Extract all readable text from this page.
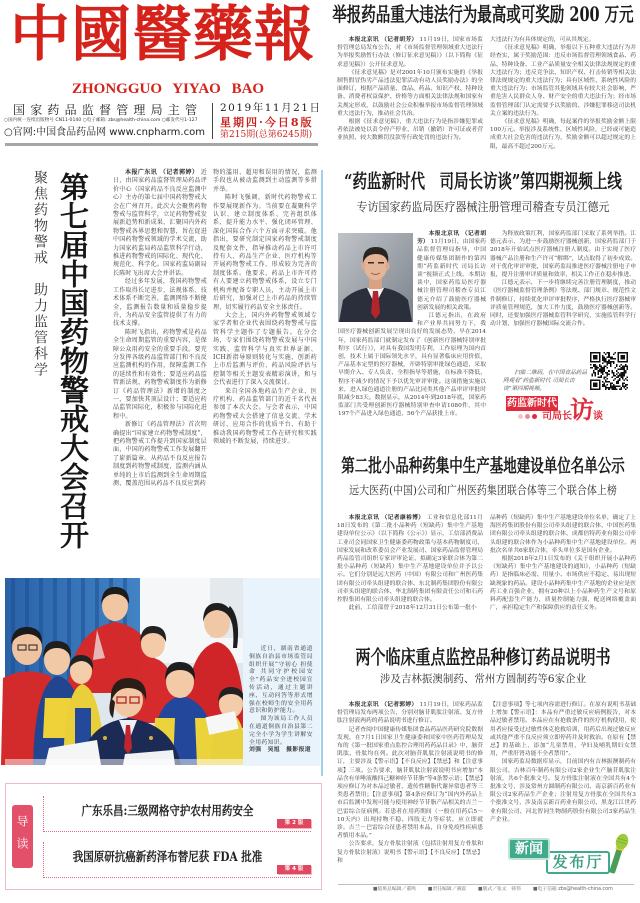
中國醫藥報
ZHONGGUO YIYAO BAO
国家药品监督管理局主管
○国内统一连续出版物号 CN11-0140 ○电子邮箱: zbs@health-china.com ○邮发代号1-127
○官网:中国食品药品网 www.cnpharm.com
2019年11月21日
星期四·今日8版
第215期(总第6245期)
举报药品重大违法行为最高或可奖励 200 万元

本报北京讯 （记者胡芳） 11月19日，国家市场监督管理总局发布公告，对《市场监督管理领域重大违法行为举报奖励暂行办法（修订征求意见稿）》（以下简称《征求意见稿》）公开征求意见。

《征求意见稿》是对2001年10月颁布实施的《举报制售假冒伪劣产品违法犯罪活动有功人员奖励办法》的全面修订，根据产品质量、食品、药品、知识产权、特种设备、消费者权益保护、价格等方面相关法律法规和国家有关规定形成，以鼓励社会公众积极举报市场监督管理领域重大违法行为，推动社会共治。

根据《征求意见稿》，重大违法行为是指涉嫌犯罪或者依法被处以责令停产停业、吊销（撤销）许可证或者营业执照、较大数额罚没款等行政处罚的违法行为。

大违法行为有具体规定的，可从其规定。

《征求意见稿》明确，举报以下五种重大违法行为并经查实，属于奖励范围：违反市场监督管理领域食品、药品、特种设备、工业产品质量安全相关法律法规规定的重大违法行为；违反竞争法、知识产权、打击传销等相关法律法规规定的重大违法行为；具有区域性、系统性风险的重大违法行为；市场监管其他领域具有较大社会影响，严重危害人民群众人身、财产安全的重大违法行为；经市场监督管理部门认定需要予以奖励的、涉嫌犯罪移送司法机关立案的违法行为。

《征求意见稿》明确，每起案件的举报奖励金额上限100万元。举报涉及系统性、区域性风险，已经或可能造成重大社会危害的违法行为，奖励金额可以超过规定的上限，最高不超过200万元。

聚焦药物警戒　助力监管科学 第七届中国药物警戒大会召开	本报广东讯 （记者郭婷） 近日，由国家药品监督管理局药品评价中心（国家药品不良反应监测中心）主办的第七届中国药物警戒大会在广州召开。此次大会聚焦药物警戒与监管科学，立足药物警戒发展新趋势和新成果，汇聚国内外药物警戒各界思想和智慧，旨在促进中国药物警戒领域的学术交流，助力国家药监局药品监管科学行动，推进药物警戒的国际化、现代化、规范化、科学化。国家药监局副局长陈时飞出席大会并讲话。

经过多年发展，我国药物警戒工作取得长足进步，法规体系、技术体系不断完善，监测网络不断健全，监测报告数量和质量稳步提升，为药品安全监管提供了有力的技术支撑。

陈时飞指出，药物警戒是药品全生命周期监管的重要内容，是保障公众用药安全的重要手段。要充分发挥各级药品监管部门和不良反应监测机构的作用，保障监测工作的延续性和有效性；要适应药品监管新法规，药物警戒制度作为新修订《药品管理法》新增的制度之一，要加快其顶层设计；要适应药品监管国际化，积极参与国际化进程中。

新修订《药品管理法》首次明确提出“国家建立药物警戒制度”，把药物警戒工作提升到国家制度层面，中国的药物警戒工作发展翻开了崭新篇章。从药品不良反应报告制度到药物警戒制度，监测内涵从单纯的上市后监测到全生命周期监测，覆盖范围从药品不良反应到药

物的滥用、超用和误用的情况，监测手段也从被动监测到主动监测等多措并举。

陈时飞强调，新时代药物警戒工作要展现新作为。当前要在凝聚科学认识、建立制度体系、完善组织体系、提升能力水平、强化闭环管理、深化国际合作六个方面寻求突破。他指出，要研究制定国家药物警戒制度及配套文件，指导推动药品上市许可持有人、药品生产企业、医疗机构等开展药物警戒工作，形成较为完善的制度体系。他要求，药品上市许可持有人要建立药物警戒体系，设立专门机构并配备专职人员，主动开展上市后研究，加强对已上市药品的持续管理，切实履行药品安全主体责任。

大会上，国内外药物警戒领域专家学者和企业代表围绕药物警戒与监管科学主题作了专题报告。在分会场，专家们围绕药物警戒发展与中国实践、监管科学与真实世界证据、ICH新指导原则转化与实施、创新药上市后监测与评价、药品风险评估与控制等相关主题发表精彩演讲，和与会代表进行了深入交流探讨。

来自全国各地药品生产企业、医疗机构、药品监管部门的近千名代表参加了本次大会。与会者表示，中国药物警戒大会搭建了信息交流、学术研讨、应用合作的优质平台，有助于推动我国药物警戒工作在研究和实践领域的不断发展，持续进步。

近日，湖南省通道侗族自治县市场监管局组织开展“守初心 担使命 共同守护校园安全”药品安全进校园宣传活动，通过主题讲座、互动问答等形式增强在校师生的安全用药意识和防护能力。

图为该局工作人员在通道侗族自治县第二完全小学为学生讲解安全用药知识。

刘强　吴旭　摄影报道
导读
广东乐昌:三级网格守护农村用药安全
第 2 版
我国原研抗癌新药泽布替尼获 FDA 批准
第 4 版
“药监新时代　司局长访谈”第四期视频上线
专访国家药监局医疗器械注册管理司稽查专员江德元

本报北京讯 （记者胡芳） 11月19日，由国家药品监督管理局指导，中国健康传媒集团制作的第四期“药监新时代 司局长访谈”视频正式上线。本期访谈中，国家药监局医疗器械注册管理司稽查专员江德元介绍了鼓励医疗器械创新发展的相关政策。

江德元指出，在政府和产业界共同努力下，我国医疗器械创新发展呈现出良好的发展态势。早在2014年，国家药监部门就制定发布了《创新医疗器械特别审批程序（试行）》，对具有我国发明专利，工作原理为国内首创，技术上属于国际领先水平，具有显著临床应用价值，产品基本定型的医疗器械，开辟特别审批绿色通道，采取早期介入、专人负责、全程指导等措施，在标准不降低、程序不减少的情况下予以优先审评审批。这项措施实施以来，进入绿色通道注册的产品比同类其他产品审评审批时限减少83天。数据显示，从2014年到2018年底，国家药监部门共受理创新医疗器械特别审查申请1080件，其中197个产品进入绿色通道，56个产品获批上市。

为释放政策红利，国家药监部门采取了系列举措。江德元表示，为进一步鼓励医疗器械创新，国家药监部门于2018年开始试点医疗器械注册人制度。由于实现了医疗器械产品注册和生产许可“解绑”，试点取得了初步成效。对于优化审评审批，国家药监局推进医疗器械注册电子申报，提升注册审评质量和效率，相关工作正在稳步推进。

江德元表示，下一步将继续完善注册管理制度，推动《医疗器械监督管理条例》等法规、部门规章、规范性文件制修订，持续优化审评审批程序，严格执行医疗器械审评质量管理规范，加大工作力度，鼓励医疗器械创新等。同时，还要加强医疗器械监管科学研究，实施监管科学行动计划，加强医疗器械国际交流合作。

扫描二维码，在中国食品药品网观看“药监新时代 司局长访谈”第四期视频。

药监新时代
司局长
访 谈
第二批小品种药集中生产基地建设单位名单公示
远大医药(中国)公司和广州医药集团联合体等三个联合体上榜

本报北京讯 （记者康裕博） 工业和信息化部11月18日发布的《第二批小品种药（短缺药）集中生产基地建设单位公示》（以下简称《公示》）显示，工信部消费品工业司会同国家卫生健康委药物政策与基本药物制度司、国家发展和改革委员会产业发展司、国家药品监督管理局药品监管司组织专家评审论证，拟确定3家联合体为第二批小品种药（短缺药）集中生产基地建设单位并予以公示。它们分别是远大医药（中国）有限公司和广州医药集团有限公司牵头组建的联合体、东北制药集团股份有限公司牵头组建的联合体、华北制药集团有限责任公司和石药控股集团有限公司牵头组建的联合体。

此前，工信部曾于2018年12月31日公布第一批小

品种药（短缺药）集中生产基地建设单位名单，确定了上海医药集团股份有限公司牵头组建的联合体、中国医药集团有限公司牵头组建的联合体、成都倍特药业有限公司牵头组建的联合体作为小品种药集中生产基地建设单位。两批次名单共6家联合体，牵头单位多是国有企业。

根据2018年2月1日发布的《关于组织开展小品种药（短缺药）集中生产基地建设的通知》，小品种药（短缺药）是指临床必需、用量小、市场供应不稳定、易出现短缺现象的药品。建设小品种药集中生产基地的企业应是医药工业百强企业，拥有20种以上小品种药生产文号和原料药配套生产能力，质量控制能力强，配送网络覆盖面广，承担稳定生产和保障供应的责任义务。

两个临床重点监控品种修订药品说明书
涉及吉林振澳制药、常州方圆制药等6家企业

本报北京讯 （记者郭婷） 11月19日，国家药品监督管理局发布两项公告，分别对脑苷肌肽注射液、复方骨肽注射液两药的药品说明书进行修订。

记者查阅中国健康传媒集团食品药品医药研究院数据发现，在7月1日国家卫生健康委和国家中医药管理局发布的《第一批国家重点监控合理用药药品目录》中，脑苷肌肽、骨肽均在列。此次对脑苷肌肽注射液说明书的修订，主要涉及【警示语】【不良反应】【禁忌】和【注意事项】三项。公告要求，脑苷肌肽注射液说明书应增加“本品含有单唾液酸四己糖神经节苷脂”等4条警示语；【禁忌】项应修订为对本品过敏者、遗传性糖脂代谢异常患者等三类患者禁用；【注意事项】第4条应修订为“国内外药品上市后监测中发现可能与使用神经节苷脂产品相关的吉兰－巴雷综合征病例。若患者在用药期间（一般在用药后5～10天内）出现持物不稳、四肢无力等症状，应立即就诊。吉兰－巴雷综合征患者禁用本品，自身免疫性疾病患者慎用本品。”

公告要求，复方骨肽注射液（包括注射用复方骨肽和复方骨肽注射液）说明书【警示语】【不良反应】【禁忌】和

【注意事项】等七项内容需进行修订。在原有说明书基础上增加【警示语】：本品有严重过敏反应病例报告，对本品过敏者禁用。本品应在有抢救条件的医疗机构使用，使用者应接受过过敏性休克抢救培训，用药后出现过敏反应或其他严重不良反应须立即停药并及时救治。在原有【禁忌】的基础上，添加“儿童禁用，孕妇及哺乳期妇女禁用，严重肝肾功能不全者禁用”。

国家药监局数据库显示，目前国内有吉林振澳制药有限公司、吉林百年制药有限公司2家企业生产脑苷肌肽注射液，共6个批准文号。复方骨肽注射液在全国共有4个批准文号，涉及常州方圆制药有限公司、南京新百药业有限公司2家药品生产企业；注射用复方骨肽在全国共有3个批准文号，涉及南京新百药业有限公司、黑龙江江世药业有限公司、河北智同生物制药股份有限公司3家药品生产企业。

发布厅
新闻
■值班总编辑／董鸣	■责任编辑／满震	■版式／张文　韩伟	■电子信箱 zbs@health-china.com
